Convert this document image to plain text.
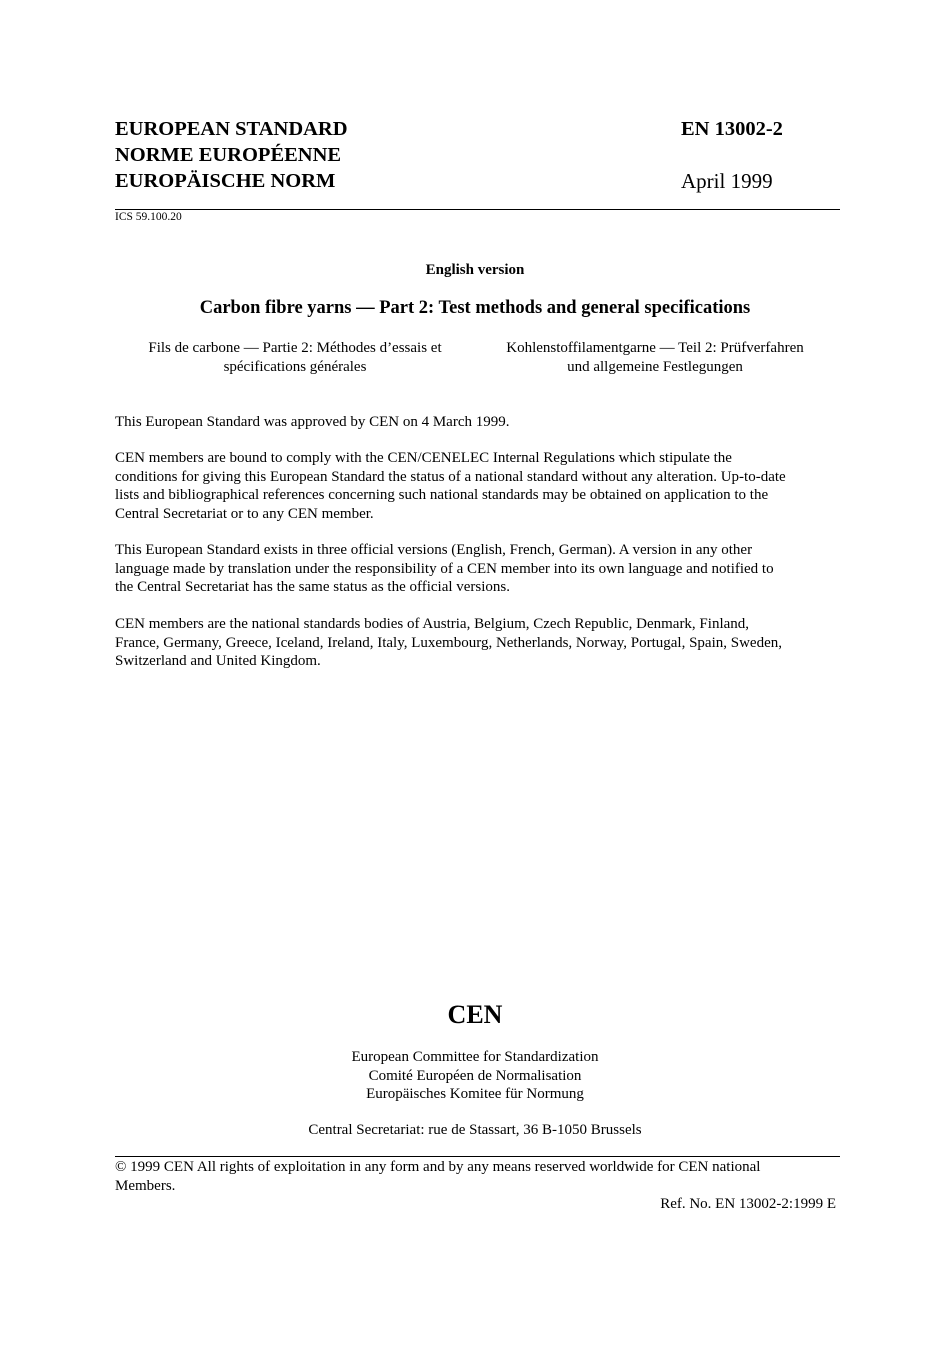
EUROPEAN STANDARD
NORME EUROPÉENNE
EUROPÄISCHE NORM
EN 13002-2
April 1999
ICS 59.100.20
English version
Carbon fibre yarns — Part 2: Test methods and general specifications
Fils de carbone — Partie 2: Méthodes d’essais et
spécifications générales
Kohlenstoffilamentgarne — Teil 2: Prüfverfahren
und allgemeine Festlegungen
This European Standard was approved by CEN on 4 March 1999.
CEN members are bound to comply with the CEN/CENELEC Internal Regulations which stipulate the
conditions for giving this European Standard the status of a national standard without any alteration. Up-to-date
lists and bibliographical references concerning such national standards may be obtained on application to the
Central Secretariat or to any CEN member.
This European Standard exists in three official versions (English, French, German). A version in any other
language made by translation under the responsibility of a CEN member into its own language and notified to
the Central Secretariat has the same status as the official versions.
CEN members are the national standards bodies of Austria, Belgium, Czech Republic, Denmark, Finland,
France, Germany, Greece, Iceland, Ireland, Italy, Luxembourg, Netherlands, Norway, Portugal, Spain, Sweden,
Switzerland and United Kingdom.
CEN
European Committee for Standardization
Comité Européen de Normalisation
Europäisches Komitee für Normung
Central Secretariat: rue de Stassart, 36 B-1050 Brussels
© 1999 CEN All rights of exploitation in any form and by any means reserved worldwide for CEN national
Members.
Ref. No. EN 13002-2:1999 E
